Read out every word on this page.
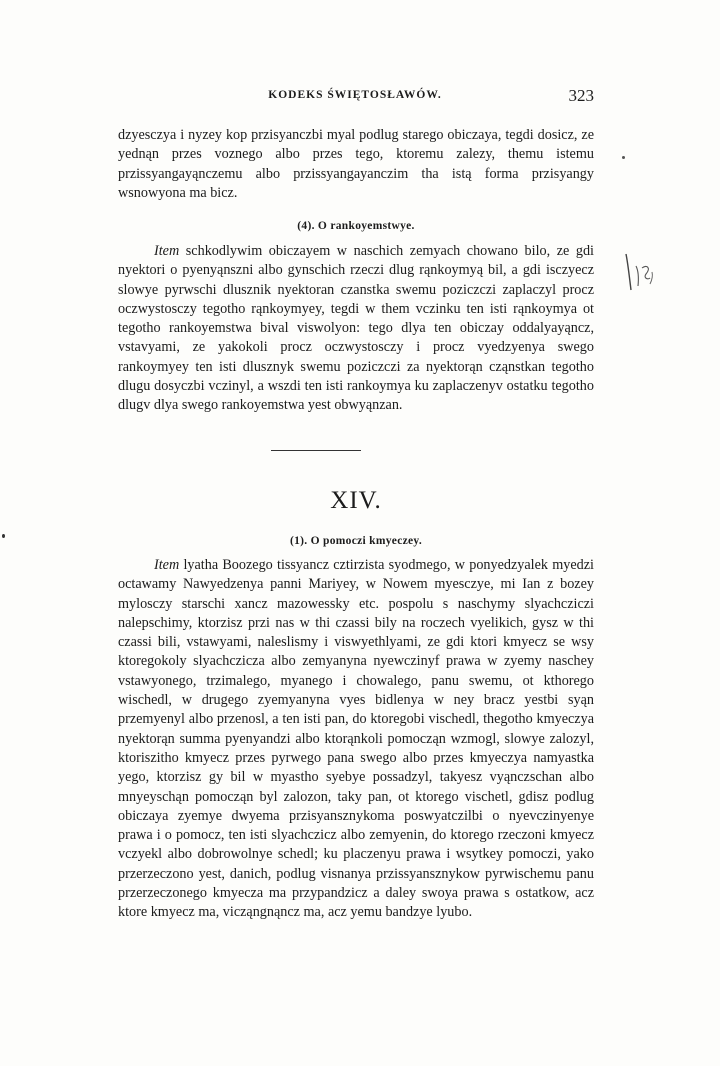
KODEKS ŚWIĘTOSŁAWÓW.	323

dzyesczya i nyzey kop przisyanczbi myal podlug starego obiczaya, tegdi dosicz, ze yednąn przes voznego albo przes tego, ktoremu zalezy, themu istemu przissyangayąnczemu albo przissyangayanczim tha istą forma przisyangy wsnowyona ma bicz.

(4). O rankoyemstwye.

Item schkodlywim obiczayem w naschich zemyach chowano bilo, ze gdi nyektori o pyenyąnszni albo gynschich rzeczi dlug rąnkoymyą bil, a gdi isczyecz slowye pyrwschi dlusznik nyektoran czanstka swemu poziczczi zaplaczyl procz oczwystosczy tegotho rąnkoymyey, tegdi w them vczinku ten isti rąnkoymya ot tegotho rankoyemstwa bival viswolyon: tego dlya ten obiczay oddalyayąncz, vstavyami, ze yakokoli procz oczwystosczy i procz vyedzyenya swego rankoymyey ten isti dlusznyk swemu poziczczi za nyektorąn cząnstkan tegotho dlugu dosyczbi vczinyl, a wszdi ten isti rankoymya ku zaplaczenyv ostatku tegotho dlugv dlya swego rankoyemstwa yest obwyąnzan.

XIV.
(1). O pomoczi kmyeczey.

Item lyatha Boozego tissyancz cztirzista syodmego, w ponyedzyalek myedzi octawamy Nawyedzenya panni Mariyey, w Nowem myesczye, mi Ian z bozey mylosczy starschi xancz mazowessky etc. pospolu s naschymy slyachcziczi nalepschimy, ktorzisz przi nas w thi czassi bily na roczech vyelikich, gysz w thi czassi bili, vstawyami, naleslismy i viswyethlyami, ze gdi ktori kmyecz se wsy ktoregokoly slyachczicza albo zemyanyna nyewczinyf prawa w zyemy naschey vstawyonego, trzimalego, myanego i chowalego, panu swemu, ot kthorego wischedl, w drugego zyemyanyna vyes bidlenya w ney bracz yestbi syąn przemyenyl albo przenosl, a ten isti pan, do ktoregobi vischedl, thegotho kmyeczya nyektorąn summa pyenyandzi albo ktorąnkoli pomocząn wzmogl, slowye zalozyl, ktoriszitho kmyecz przes pyrwego pana swego albo przes kmyeczya namyastka yego, ktorzisz gy bil w myastho syebye possadzyl, takyesz vyąnczschan albo mnyeyschąn pomocząn byl zalozon, taky pan, ot ktorego vischetl, gdisz podlug obiczaya zyemye dwyema przisyansznykoma poswyatczilbi o nyevczinyenye prawa i o pomocz, ten isti slyachczicz albo zemyenin, do ktorego rzeczoni kmyecz vczyekl albo dobrowolnye schedl; ku placzenyu prawa i wsytkey pomoczi, yako przerzeczono yest, danich, podlug visnanya przissyansznykow pyrwischemu panu przerzeczonego kmyecza ma przypandzicz a daley swoya prawa s ostatkow, acz ktore kmyecz ma, vicząngnąncz ma, acz yemu bandzye lyubo.
